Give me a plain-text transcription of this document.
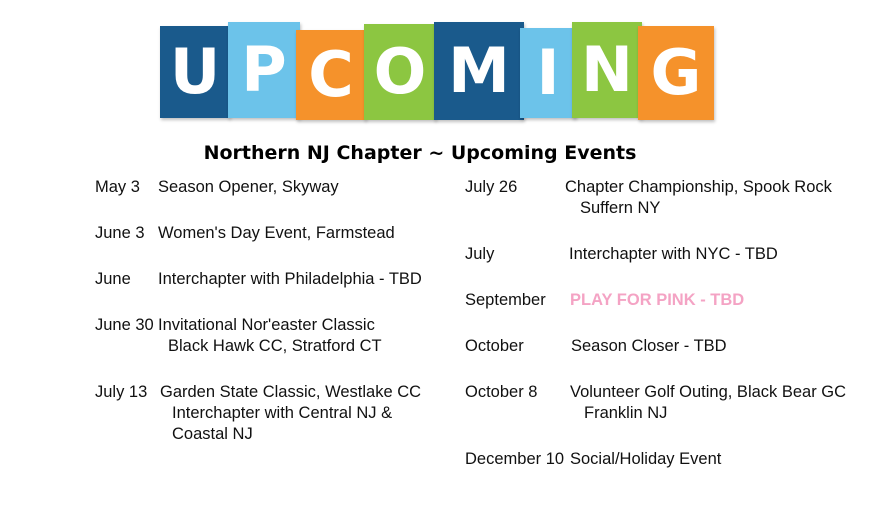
U P C O M I N G
Northern NJ Chapter ~ Upcoming Events
May 3 Season Opener, Skyway
June 3 Women's Day Event, Farmstead
June Interchapter with Philadelphia - TBD
June 30 Invitational Nor'easter Classic
Black Hawk CC, Stratford CT
July 13 Garden State Classic, Westlake CC
Interchapter with Central NJ &
Coastal NJ
July 26	Chapter Championship, Spook Rock
Suffern NY
July	Interchapter with NYC - TBD
September PLAY FOR PINK - TBD
October	Season Closer - TBD
October 8 Volunteer Golf Outing, Black Bear GC
Franklin NJ
December 10 Social/Holiday Event
